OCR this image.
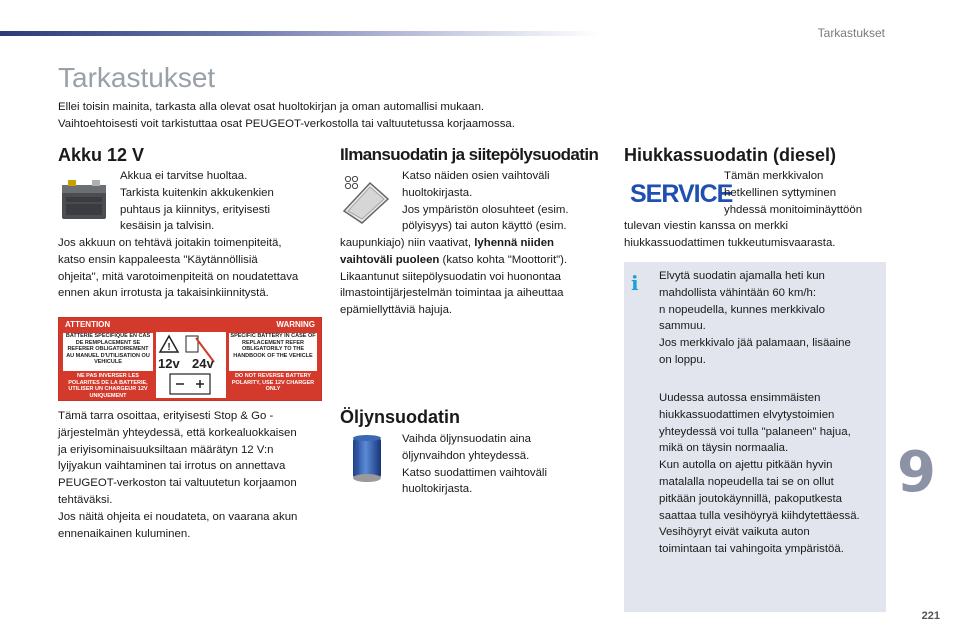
Tarkastukset
Tarkastukset

Ellei toisin mainita, tarkasta alla olevat osat huoltokirjan ja oman automallisi mukaan.

Vaihtoehtoisesti voit tarkistuttaa osat PEUGEOT-verkostolla tai valtuutetussa korjaamossa.

Akku 12 V

Akkua ei tarvitse huoltaa.

Tarkista kuitenkin akkukenkien

puhtaus ja kiinnitys, erityisesti

kesäisin ja talvisin.

Jos akkuun on tehtävä joitakin toimenpiteitä,

katso ensin kappaleesta "Käytännöllisiä

ohjeita", mitä varotoimenpiteitä on noudatettava

ennen akun irrotusta ja takaisinkiinnitystä.

ATTENTION	WARNING
BATTERIE SPECIFIQUE EN CAS DE REMPLACEMENT SE REFERER OBLIGATOIREMENT AU MANUEL D'UTILISATION OU VEHICULE
SPECIFIC BATTERY IN CASE OF REPLACEMENT REFER OBLIGATORILY TO THE HANDBOOK OF THE VEHICLE
NE PAS INVERSER LES POLARITES DE LA BATTERIE, UTILISER UN CHARGEUR 12V UNIQUEMENT
DO NOT REVERSE BATTERY POLARITY, USE 12V CHARGER ONLY
!
12v 24v

Tämä tarra osoittaa, erityisesti Stop & Go -

järjestelmän yhteydessä, että korkealuokkaisen

ja eriyisominaisuuksiltaan määrätyn 12 V:n

lyijyakun vaihtaminen tai irrotus on annettava

PEUGEOT-verkoston tai valtuutetun korjaamon

tehtäväksi.

Jos näitä ohjeita ei noudateta, on vaarana akun

ennenaikainen kuluminen.

Ilmansuodatin ja siitepölysuodatin

Katso näiden osien vaihtoväli

huoltokirjasta.

Jos ympäristön olosuhteet (esim.

pölyisyys) tai auton käyttö (esim.

kaupunkiajo) niin vaativat, lyhennä niiden

vaihtoväli puoleen (katso kohta "Moottorit").

Likaantunut siitepölysuodatin voi huonontaa

ilmastointijärjestelmän toimintaa ja aiheuttaa

epämiellyttäviä hajuja.

Öljynsuodatin

Vaihda öljynsuodatin aina

öljynvaihdon yhteydessä.

Katso suodattimen vaihtoväli

huoltokirjasta.

Hiukkassuodatin (diesel)
SERVICE

Tämän merkkivalon

hetkellinen syttyminen

yhdessä monitoiminäyttöön

tulevan viestin kanssa on merkki

hiukkassuodattimen tukkeutumisvaarasta.

i	Elvytä suodatin ajamalla heti kun

mahdollista vähintään 60 km/h:

n nopeudella, kunnes merkkivalo

sammuu.

Jos merkkivalo jää palamaan, lisäaine

on loppu.

Uudessa autossa ensimmäisten

hiukkassuodattimen elvytystoimien

yhteydessä voi tulla "palaneen" hajua,

mikä on täysin normaalia.

Kun autolla on ajettu pitkään hyvin

matalalla nopeudella tai se on ollut

pitkään joutokäynnillä, pakoputkesta

saattaa tulla vesihöyryä kiihdytettäessä.

Vesihöyryt eivät vaikuta auton

toimintaan tai vahingoita ympäristöä.

9
221
